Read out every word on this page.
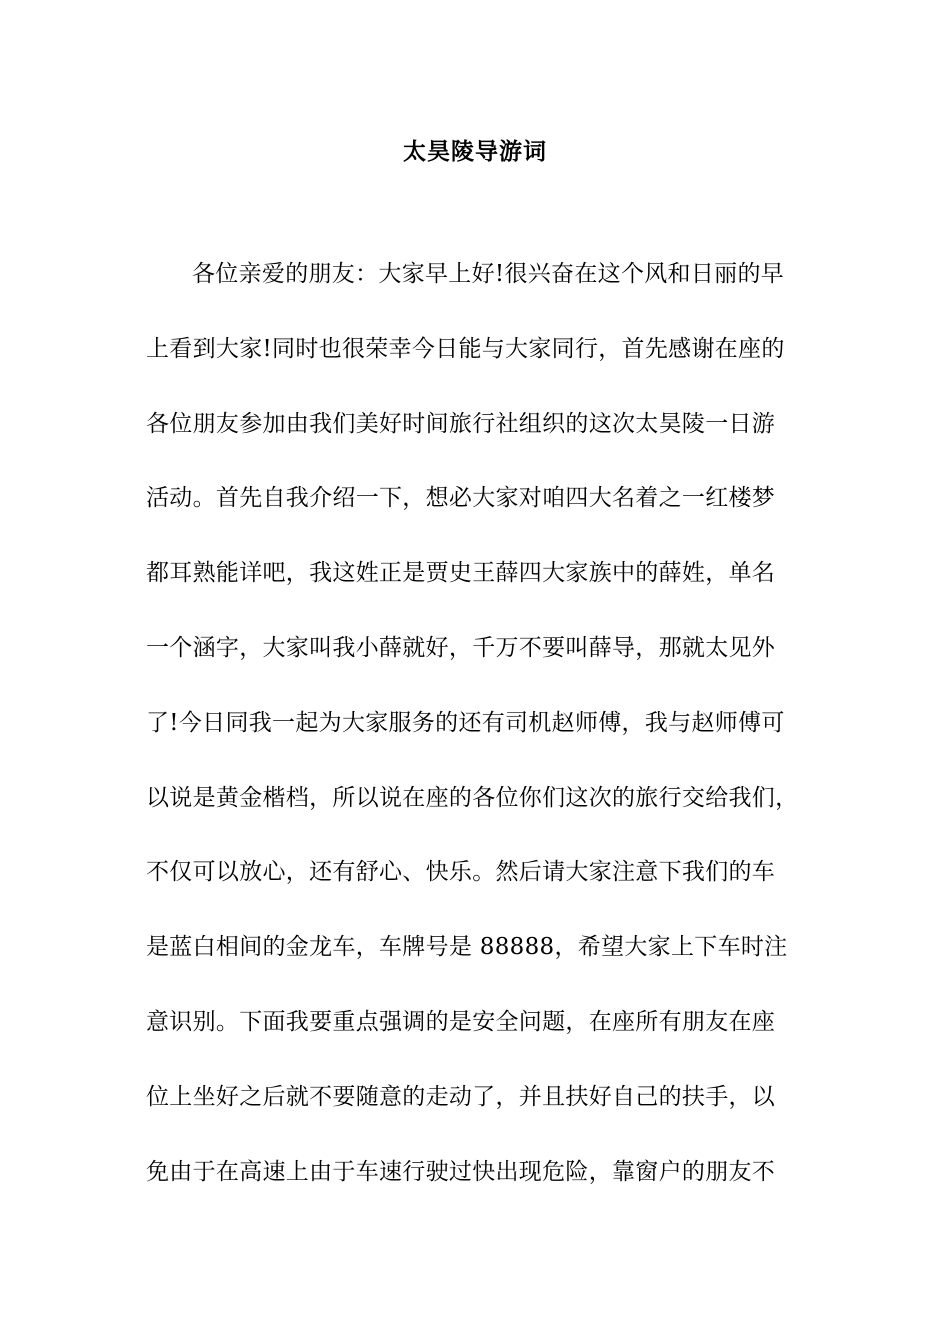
太昊陵导游词
各位亲爱的朋友：大家早上好!很兴奋在这个风和日丽的早
上看到大家!同时也很荣幸今日能与大家同行，首先感谢在座的
各位朋友参加由我们美好时间旅行社组织的这次太昊陵一日游
活动。首先自我介绍一下，想必大家对咱四大名着之一红楼梦
都耳熟能详吧，我这姓正是贾史王薛四大家族中的薛姓，单名
一个涵字，大家叫我小薛就好，千万不要叫薛导，那就太见外
了!今日同我一起为大家服务的还有司机赵师傅，我与赵师傅可
以说是黄金楷档，所以说在座的各位你们这次的旅行交给我们，
不仅可以放心，还有舒心、快乐。然后请大家注意下我们的车
是蓝白相间的金龙车，车牌号是 88888，希望大家上下车时注
意识别。下面我要重点强调的是安全问题，在座所有朋友在座
位上坐好之后就不要随意的走动了，并且扶好自己的扶手，以
免由于在高速上由于车速行驶过快出现危险，靠窗户的朋友不
